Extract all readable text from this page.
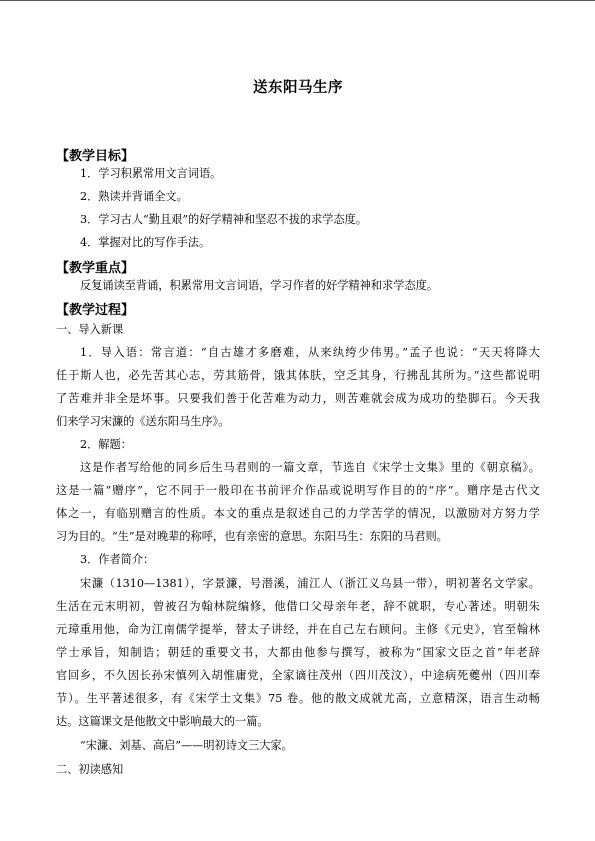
送东阳马生序
【教学目标】
1．学习积累常用文言词语。
2．熟读并背诵全文。
3．学习古人“勤且艰”的好学精神和坚忍不拔的求学态度。
4．掌握对比的写作手法。
【教学重点】
反复诵读至背诵，积累常用文言词语，学习作者的好学精神和求学态度。
【教学过程】
一、导入新课
1．导入语：常言道：“自古雄才多磨难，从来纨绔少伟男。”孟子也说：“天天将降大
任于斯人也，必先苦其心志，劳其筋骨，饿其体肤，空乏其身，行拂乱其所为。”这些都说明
了苦难并非全是坏事。只要我们善于化苦难为动力，则苦难就会成为成功的垫脚石。今天我
们来学习宋濂的《送东阳马生序》。
2．解题：
这是作者写给他的同乡后生马君则的一篇文章，节选自《宋学士文集》里的《朝京稿》。
这是一篇“赠序”，它不同于一般印在书前评介作品或说明写作目的的“序”。赠序是古代文
体之一，有临别赠言的性质。本文的重点是叙述自己的力学苦学的情况，以激励对方努力学
习为目的。“生”是对晚辈的称呼，也有亲密的意思。东阳马生：东阳的马君则。
3．作者简介：
宋濂（1310—1381），字景濂，号潜溪，浦江人（浙江义乌县一带），明初著名文学家。
生活在元末明初，曾被召为翰林院编修，他借口父母亲年老，辞不就职，专心著述。明朝朱
元璋重用他，命为江南儒学提举，替太子讲经，并在自己左右顾问。主修《元史》，官至翰林
学士承旨，知制诰；朝廷的重要文书，大都由他参与撰写，被称为“国家文臣之首”年老辞
官回乡，不久因长孙宋慎列入胡惟庸党，全家谪往茂州（四川茂汶），中途病死夔州（四川奉
节）。生平著述很多，有《宋学士文集》75 卷。他的散文成就尤高，立意精深，语言生动畅
达。这篇课文是他散文中影响最大的一篇。
“宋濂、刘基、高启”——明初诗文三大家。
二、初读感知
